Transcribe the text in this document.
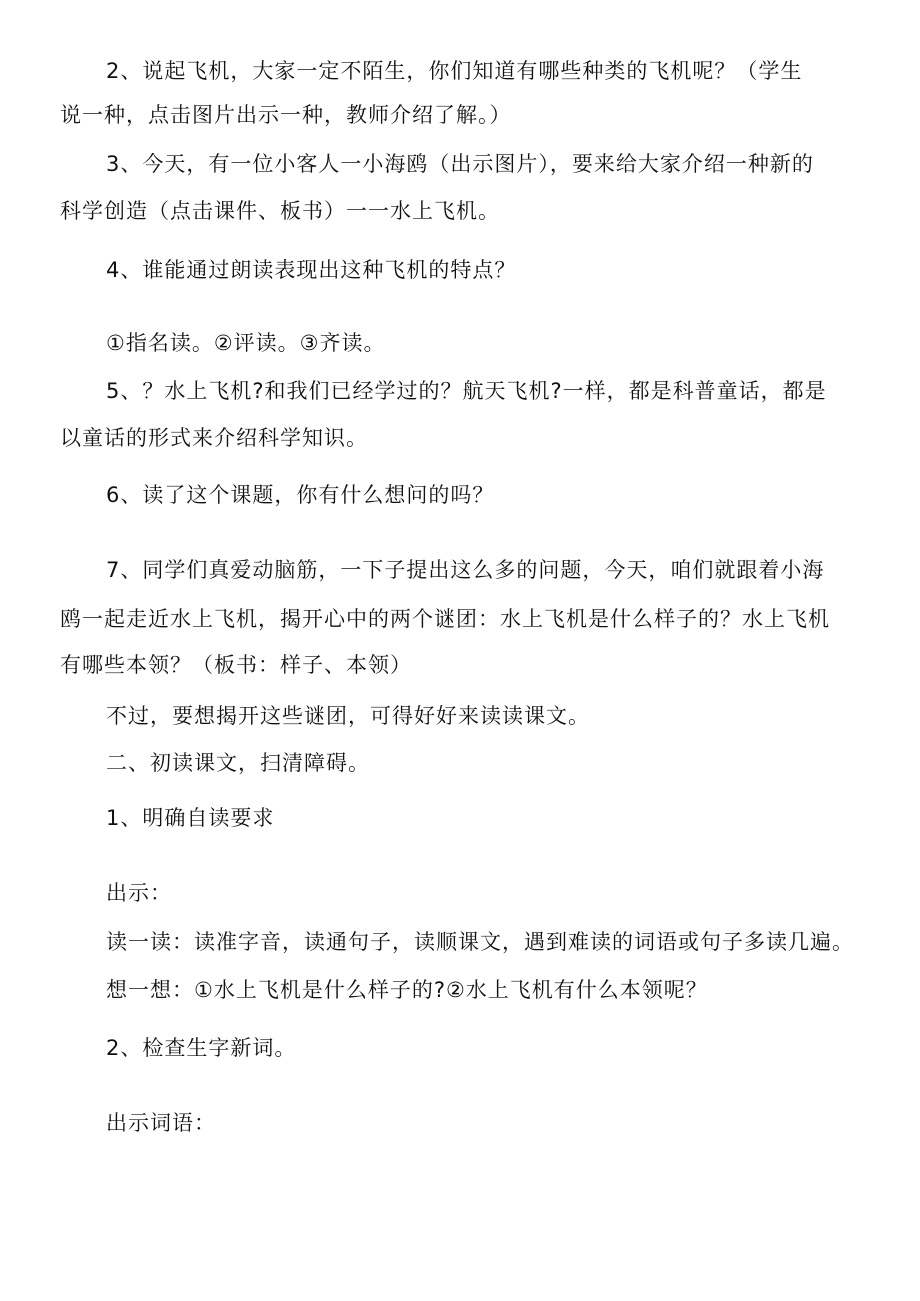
2、说起飞机，大家一定不陌生，你们知道有哪些种类的飞机呢？（学生
说一种，点击图片出示一种，教师介绍了解。）
3、今天，有一位小客人一小海鸥（出示图片），要来给大家介绍一种新的
科学创造（点击课件、板书）一一水上飞机。
4、谁能通过朗读表现出这种飞机的特点？
①指名读。②评读。③齐读。
5、？水上飞机?和我们已经学过的？航天飞机?一样，都是科普童话，都是
以童话的形式来介绍科学知识。
6、读了这个课题，你有什么想问的吗？
7、同学们真爱动脑筋，一下子提出这么多的问题，今天，咱们就跟着小海
鸥一起走近水上飞机，揭开心中的两个谜团：水上飞机是什么样子的？水上飞机
有哪些本领？（板书：样子、本领）
不过，要想揭开这些谜团，可得好好来读读课文。
二、初读课文，扫清障碍。
1、明确自读要求
出示：
读一读：读准字音，读通句子，读顺课文，遇到难读的词语或句子多读几遍。
想一想：①水上飞机是什么样子的?②水上飞机有什么本领呢？
2、检查生字新词。
出示词语：
